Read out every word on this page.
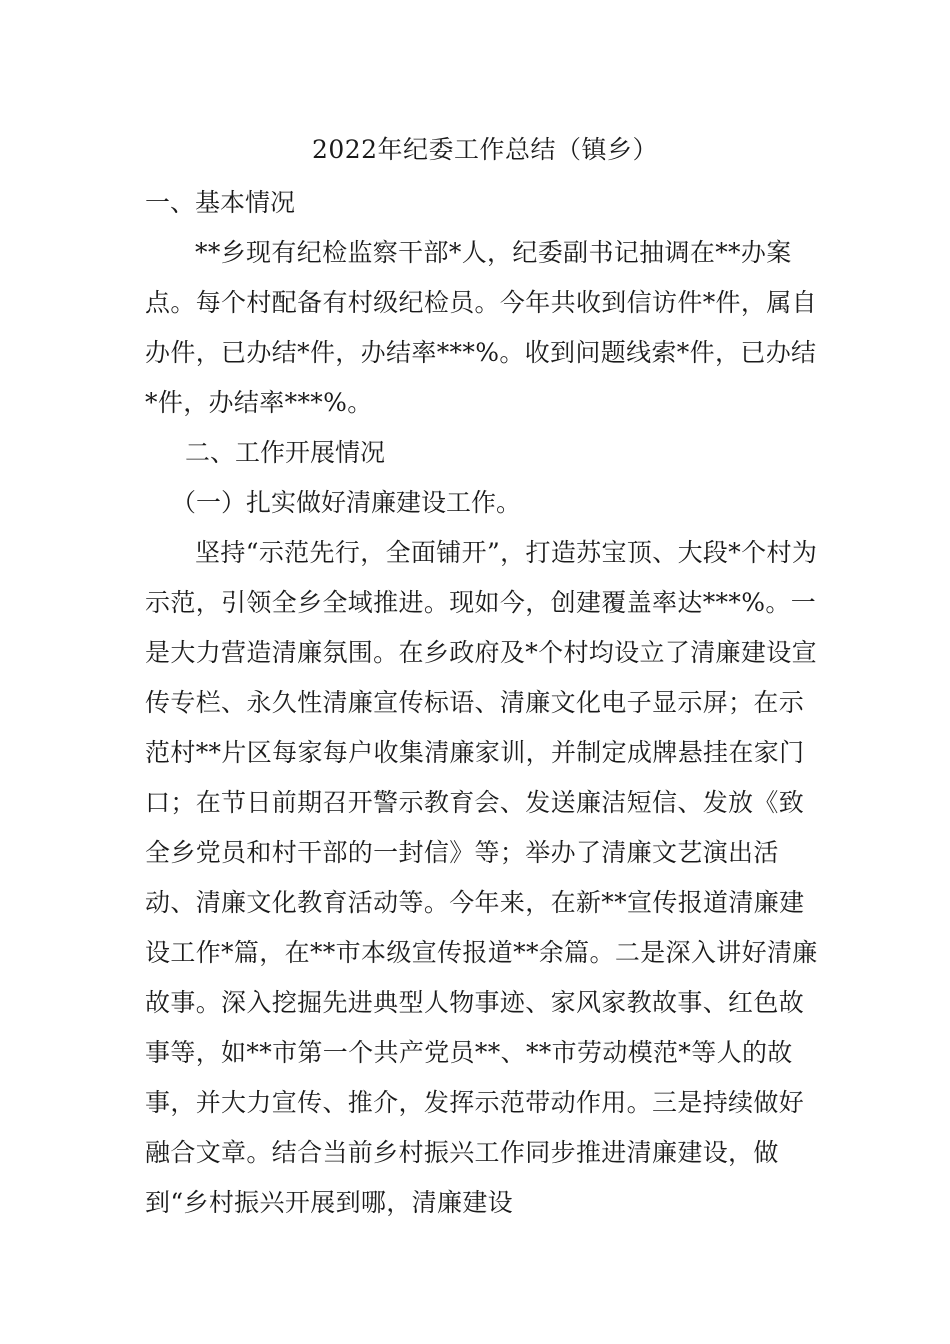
2022年纪委工作总结（镇乡）
一、基本情况
**乡现有纪检监察干部*人，纪委副书记抽调在**办案点。每个村配备有村级纪检员。今年共收到信访件*件，属自办件，已办结*件，办结率***%。收到问题线索*件，已办结*件，办结率***%。
二、工作开展情况
（一）扎实做好清廉建设工作。
坚持“示范先行，全面铺开”，打造苏宝顶、大段*个村为示范，引领全乡全域推进。现如今，创建覆盖率达***%。一是大力营造清廉氛围。在乡政府及*个村均设立了清廉建设宣传专栏、永久性清廉宣传标语、清廉文化电子显示屏；在示范村**片区每家每户收集清廉家训，并制定成牌悬挂在家门口；在节日前期召开警示教育会、发送廉洁短信、发放《致全乡党员和村干部的一封信》等；举办了清廉文艺演出活动、清廉文化教育活动等。今年来，在新**宣传报道清廉建设工作*篇，在**市本级宣传报道**余篇。二是深入讲好清廉故事。深入挖掘先进典型人物事迹、家风家教故事、红色故事等，如**市第一个共产党员**、**市劳动模范*等人的故事，并大力宣传、推介，发挥示范带动作用。三是持续做好融合文章。结合当前乡村振兴工作同步推进清廉建设，做到“乡村振兴开展到哪，清廉建设
